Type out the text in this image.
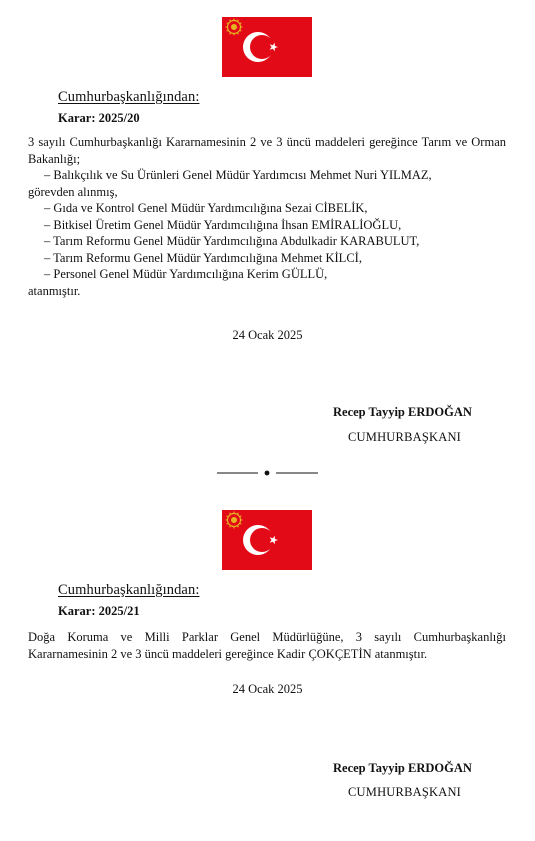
Cumhurbaşkanlığından:
Karar: 2025/20

3 sayılı Cumhurbaşkanlığı Kararnamesinin 2 ve 3 üncü maddeleri gereğince Tarım ve Orman Bakanlığı;

– Balıkçılık ve Su Ürünleri Genel Müdür Yardımcısı Mehmet Nuri YILMAZ,

görevden alınmış,

– Gıda ve Kontrol Genel Müdür Yardımcılığına Sezai CİBELİK,

– Bitkisel Üretim Genel Müdür Yardımcılığına İhsan EMİRALİOĞLU,

– Tarım Reformu Genel Müdür Yardımcılığına Abdulkadir KARABULUT,

– Tarım Reformu Genel Müdür Yardımcılığına Mehmet KİLCİ,

– Personel Genel Müdür Yardımcılığına Kerim GÜLLÜ,

atanmıştır.

24 Ocak 2025
Recep Tayyip ERDOĞAN
CUMHURBAŞKANI
Cumhurbaşkanlığından:
Karar: 2025/21

Doğa Koruma ve Milli Parklar Genel Müdürlüğüne, 3 sayılı Cumhurbaşkanlığı Kararnamesinin 2 ve 3 üncü maddeleri gereğince Kadir ÇOKÇETİN atanmıştır.

24 Ocak 2025
Recep Tayyip ERDOĞAN
CUMHURBAŞKANI
